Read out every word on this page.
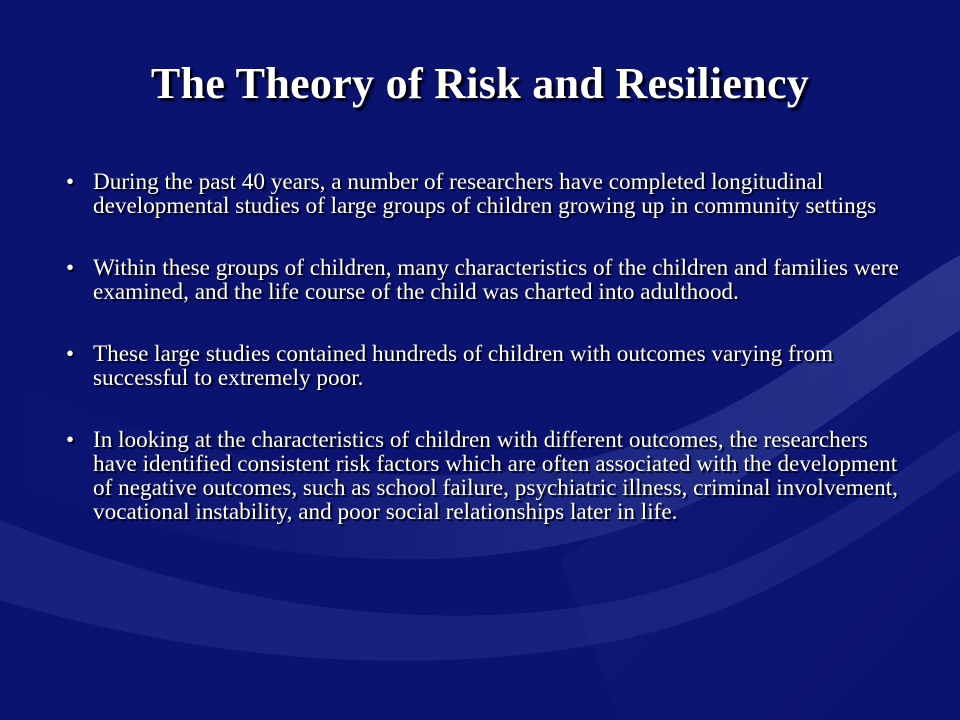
The Theory of Risk and Resiliency
• During the past 40 years, a number of researchers have completed longitudinal developmental studies of large groups of children growing up in community settings
• Within these groups of children, many characteristics of the children and families were examined, and the life course of the child was charted into adulthood.
• These large studies contained hundreds of children with outcomes varying from successful to extremely poor.
• In looking at the characteristics of children with different outcomes, the researchers have identified consistent risk factors which are often associated with the development of negative outcomes, such as school failure, psychiatric illness, criminal involvement, vocational instability, and poor social relationships later in life.
